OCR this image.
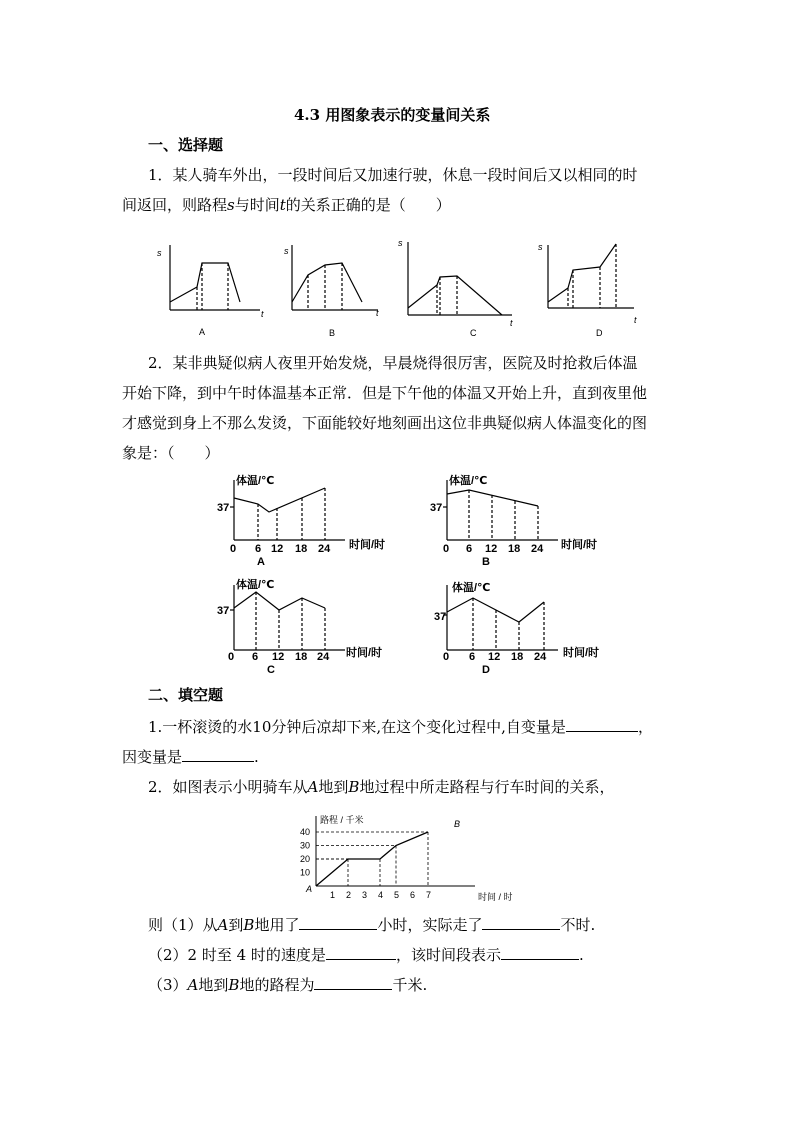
4.3 用图象表示的变量间关系
一、选择题
1．某人骑车外出，一段时间后又加速行驶，休息一段时间后又以相同的时
间返回，则路程s与时间t的关系正确的是（　　）
s
t
s
t
s
t
s
t
A	B	C	D
2．某非典疑似病人夜里开始发烧，早晨烧得很厉害，医院及时抢救后体温
开始下降，到中午时体温基本正常．但是下午他的体温又开始上升，直到夜里他
才感觉到身上不那么发烫，下面能较好地刻画出这位非典疑似病人体温变化的图
象是：（　　）
体温/℃
37
0 6 12 18 24 时间/时
A
体温/℃
37
0 6 12 18 24 时间/时
B
体温/℃
37
0 6 12 18 24 时间/时
C
体温/℃
37
0 6 12 18 24 时间/时
D
二、填空题
1.一杯滚烫的水10分钟后凉却下来,在这个变化过程中,自变量是	，
因变量是	.
2．如图表示小明骑车从A地到B地过程中所走路程与行车时间的关系，
10
20
30
40
1 2 3 4 5 6 7
路程 / 千米
时间 / 时
A
B
则（1）从A到B地用了	小时，实际走了	不时.
（2）2 时至 4 时的速度是	，该时间段表示	.
（3）A地到B地的路程为	千米.
